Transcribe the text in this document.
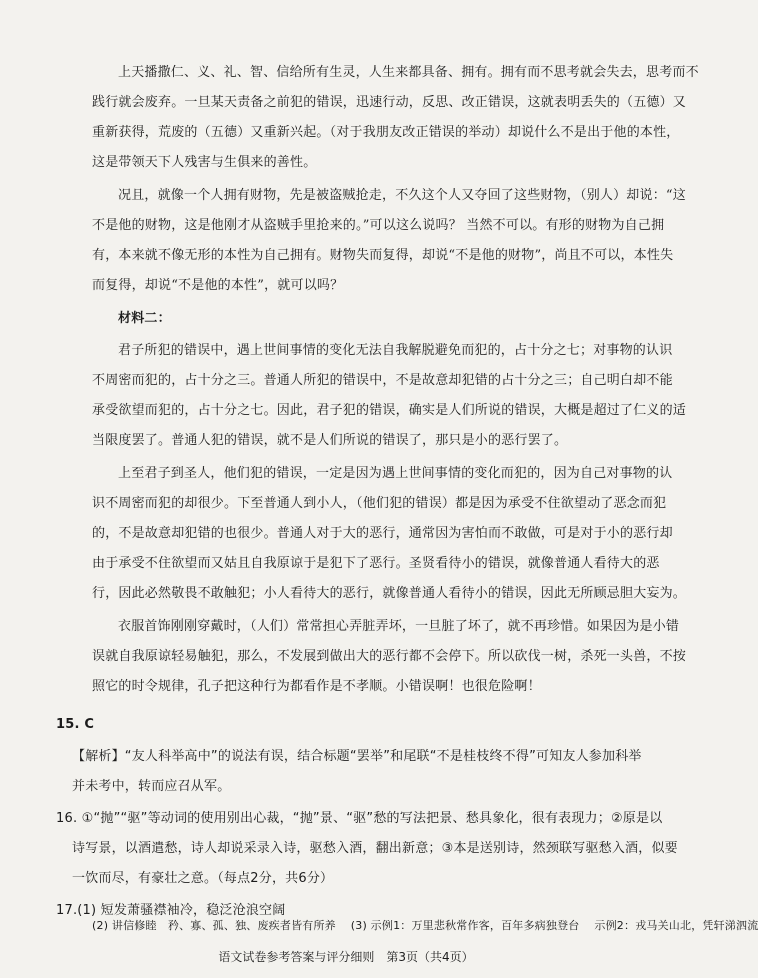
上天播撒仁、义、礼、智、信给所有生灵，人生来都具备、拥有。拥有而不思考就会失去，思考而不
践行就会废弃。一旦某天责备之前犯的错误，迅速行动，反思、改正错误，这就表明丢失的（五德）又
重新获得，荒废的（五德）又重新兴起。（对于我朋友改正错误的举动）却说什么不是出于他的本性，
这是带领天下人残害与生俱来的善性。
况且，就像一个人拥有财物，先是被盗贼抢走，不久这个人又夺回了这些财物，（别人）却说：“这
不是他的财物，这是他刚才从盗贼手里抢来的。”可以这么说吗？ 当然不可以。有形的财物为自己拥
有，本来就不像无形的本性为自己拥有。财物失而复得，却说“不是他的财物”，尚且不可以，本性失
而复得，却说“不是他的本性”，就可以吗？
材料二：
君子所犯的错误中，遇上世间事情的变化无法自我解脱避免而犯的，占十分之七；对事物的认识
不周密而犯的，占十分之三。普通人所犯的错误中，不是故意却犯错的占十分之三；自己明白却不能
承受欲望而犯的，占十分之七。因此，君子犯的错误，确实是人们所说的错误，大概是超过了仁义的适
当限度罢了。普通人犯的错误，就不是人们所说的错误了，那只是小的恶行罢了。
上至君子到圣人，他们犯的错误，一定是因为遇上世间事情的变化而犯的，因为自己对事物的认
识不周密而犯的却很少。下至普通人到小人，（他们犯的错误）都是因为承受不住欲望动了恶念而犯
的，不是故意却犯错的也很少。普通人对于大的恶行，通常因为害怕而不敢做，可是对于小的恶行却
由于承受不住欲望而又姑且自我原谅于是犯下了恶行。圣贤看待小的错误，就像普通人看待大的恶
行，因此必然敬畏不敢触犯；小人看待大的恶行，就像普通人看待小的错误，因此无所顾忌胆大妄为。
衣服首饰刚刚穿戴时，（人们）常常担心弄脏弄坏，一旦脏了坏了，就不再珍惜。如果因为是小错
误就自我原谅轻易触犯，那么，不发展到做出大的恶行都不会停下。所以砍伐一树，杀死一头兽，不按
照它的时令规律，孔子把这种行为都看作是不孝顺。小错误啊！也很危险啊！
15. C
【解析】“友人科举高中”的说法有误，结合标题“罢举”和尾联“不是桂枝终不得”可知友人参加科举
并未考中，转而应召从军。
16. ①“抛”“驱”等动词的使用别出心裁，“抛”景、“驱”愁的写法把景、愁具象化，很有表现力；②原是以
诗写景，以酒遣愁，诗人却说采录入诗，驱愁入酒，翻出新意；③本是送别诗，然颈联写驱愁入酒，似要
一饮而尽，有豪壮之意。（每点2分，共6分）
17.(1) 短发萧骚襟袖冷，稳泛沧浪空阔
(2) 讲信修睦　矜、寡、孤、独、废疾者皆有所养　 (3) 示例1：万里悲秋常作客，百年多病独登台　 示例2：戎马关山北，凭轩涕泗流
语文试卷参考答案与评分细则　第3页（共4页）
